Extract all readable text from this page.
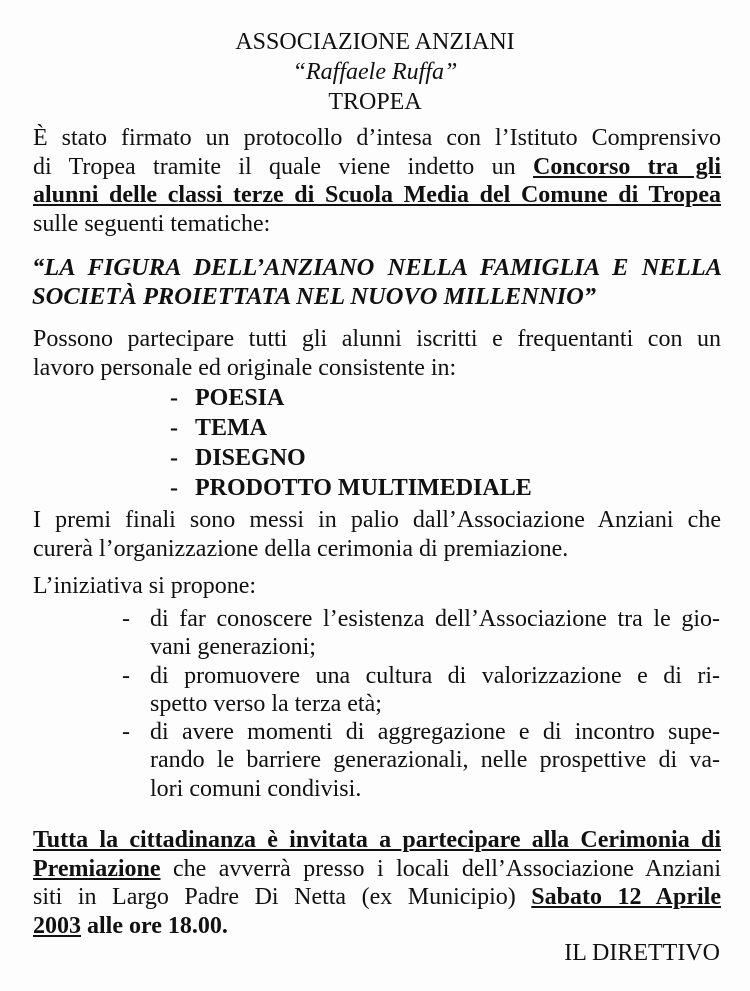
ASSOCIAZIONE ANZIANI
“Raffaele Ruffa”
TROPEA
È stato firmato un protocollo d’intesa con l’Istituto Comprensivo
di Tropea tramite il quale viene indetto un Concorso tra gli
alunni delle classi terze di Scuola Media del Comune di Tropea
sulle seguenti tematiche:
“LA FIGURA DELL’ANZIANO NELLA FAMIGLIA E NELLA
SOCIETÀ PROIETTATA NEL NUOVO MILLENNIO”
Possono partecipare tutti gli alunni iscritti e frequentanti con un
lavoro personale ed originale consistente in:
- POESIA
- TEMA
- DISEGNO
- PRODOTTO MULTIMEDIALE
I premi finali sono messi in palio dall’Associazione Anziani che
curerà l’organizzazione della cerimonia di premiazione.
L’iniziativa si propone:
- di far conoscere l’esistenza dell’Associazione tra le gio-
vani generazioni;
- di promuovere una cultura di valorizzazione e di ri-
spetto verso la terza età;
- di avere momenti di aggregazione e di incontro supe-
rando le barriere generazionali, nelle prospettive di va-
lori comuni condivisi.
Tutta la cittadinanza è invitata a partecipare alla Cerimonia di
Premiazione che avverrà presso i locali dell’Associazione Anziani
siti in Largo Padre Di Netta (ex Municipio) Sabato 12 Aprile
2003 alle ore 18.00.
IL DIRETTIVO
